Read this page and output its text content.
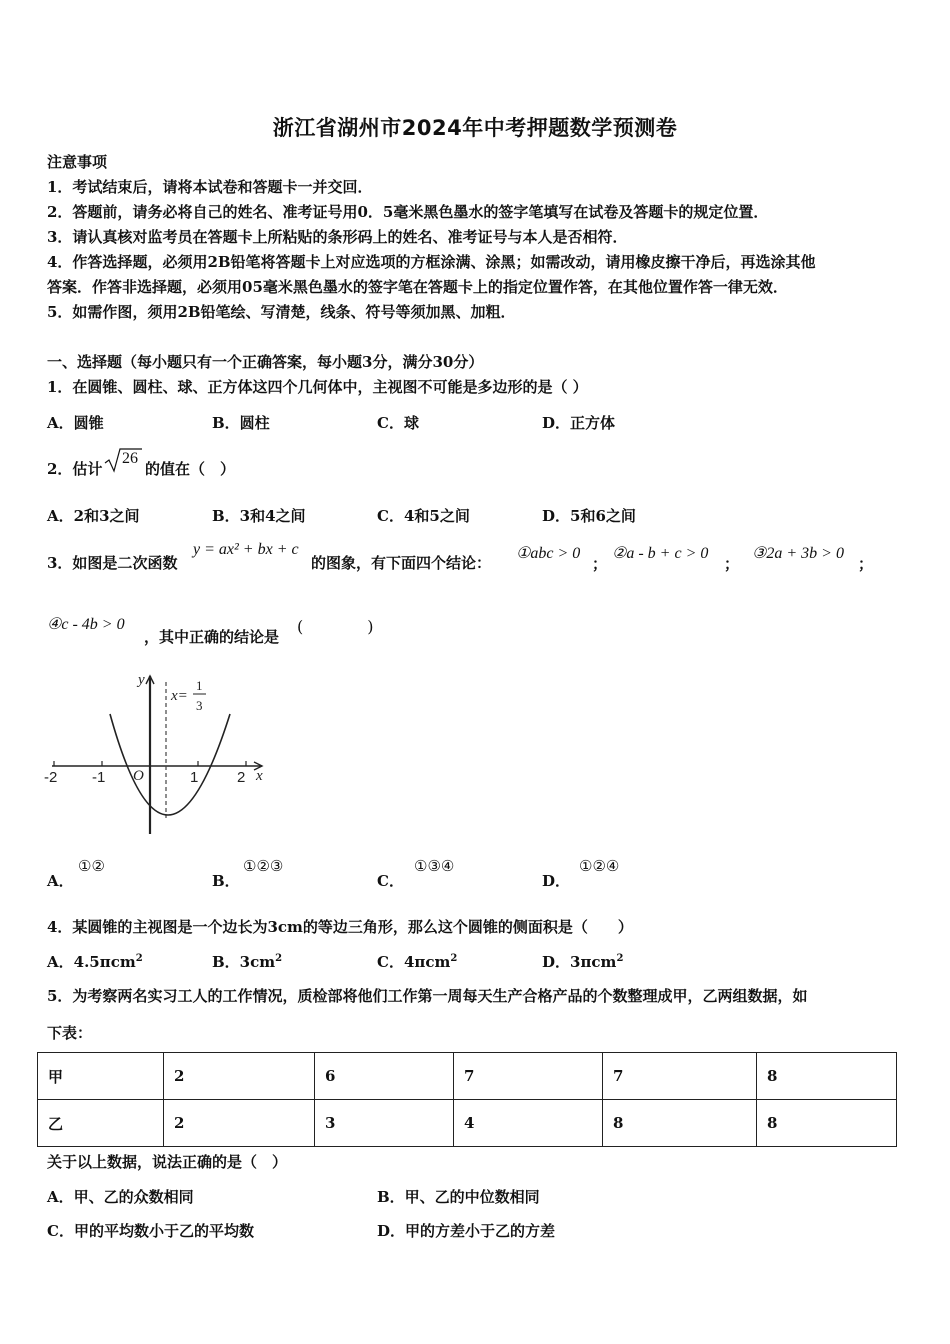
浙江省湖州市2024年中考押题数学预测卷
注意事项
1．考试结束后，请将本试卷和答题卡一并交回．
2．答题前，请务必将自己的姓名、准考证号用0．5毫米黑色墨水的签字笔填写在试卷及答题卡的规定位置．
3．请认真核对监考员在答题卡上所粘贴的条形码上的姓名、准考证号与本人是否相符．
4．作答选择题，必须用2B铅笔将答题卡上对应选项的方框涂满、涂黑；如需改动，请用橡皮擦干净后，再选涂其他
答案．作答非选择题，必须用05毫米黑色墨水的签字笔在答题卡上的指定位置作答，在其他位置作答一律无效．
5．如需作图，须用2B铅笔绘、写清楚，线条、符号等须加黑、加粗．
一、选择题（每小题只有一个正确答案，每小题3分，满分30分）
1．在圆锥、圆柱、球、正方体这四个几何体中，主视图不可能是多边形的是（ ）
A．圆锥	B．圆柱	C．球	D．正方体
2．估计
26
的值在（　）
A．2和3之间	B．3和4之间	C．4和5之间	D．5和6之间
3．如图是二次函数
y = ax² + bx + c
的图象，有下面四个结论：
①abc > 0
；
②a - b + c > 0
；
③2a + 3b > 0
；
④c - 4b > 0
，其中正确的结论是
(　　　　)
y
x
O
-2 -1	1	2
x=
1
3
A．
①②
B．
①②③
C．
①③④
D．
①②④
4．某圆锥的主视图是一个边长为3cm的等边三角形，那么这个圆锥的侧面积是（　　）
A．4.5πcm$^2$	B．$3cm^2$	C．4πcm$^2$	D．3πcm$^2$
5．为考察两名实习工人的工作情况，质检部将他们工作第一周每天生产合格产品的个数整理成甲，乙两组数据，如
下表：
甲	2	6	7	7	8
乙	2	3	4	8	8
关于以上数据，说法正确的是（　）
A．甲、乙的众数相同	B．甲、乙的中位数相同
C．甲的平均数小于乙的平均数	D．甲的方差小于乙的方差
